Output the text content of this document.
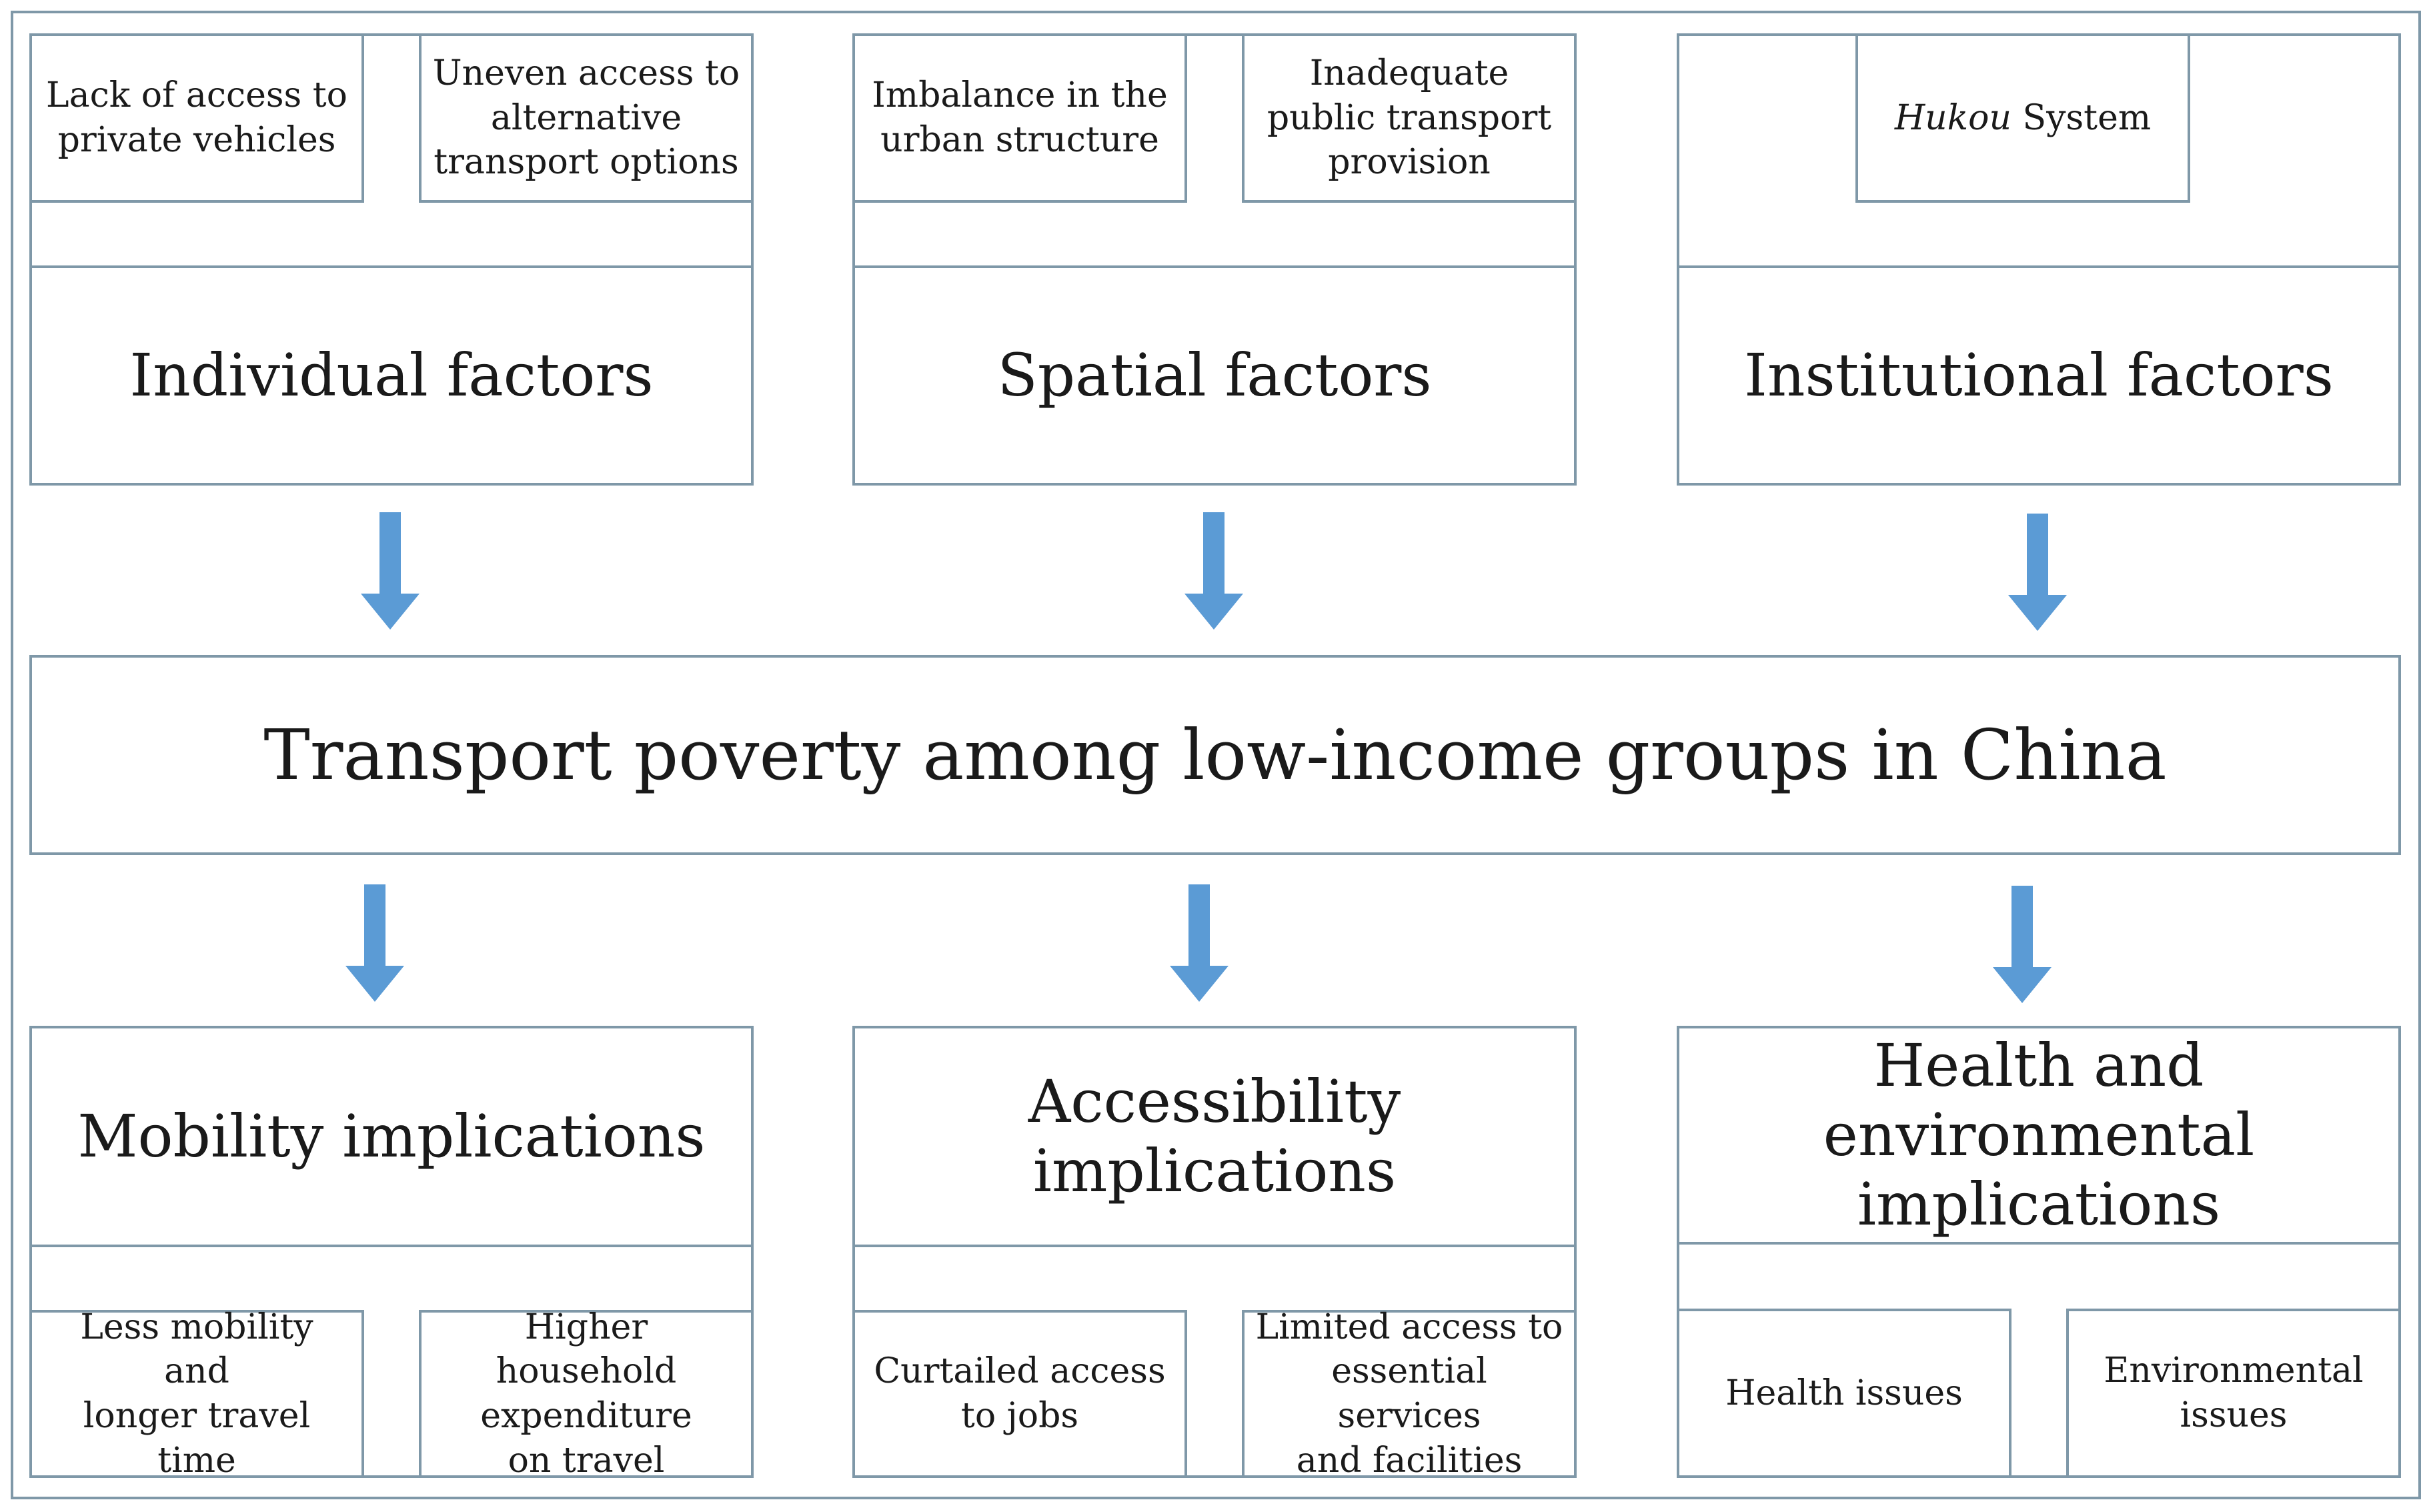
Lack of access to
private vehicles
Uneven access to
alternative
transport options
Individual factors
Imbalance in the
urban structure
Inadequate
public transport
provision
Spatial factors
Hukou System
Institutional factors
Transport poverty among low-income groups in China
Mobility implications
Less mobility and
longer travel time
Higher household
expenditure
on travel
Accessibility implications
Curtailed access
to jobs
Limited access to
essential services
and facilities
Health and environmental implications
Health issues
Environmental
issues
